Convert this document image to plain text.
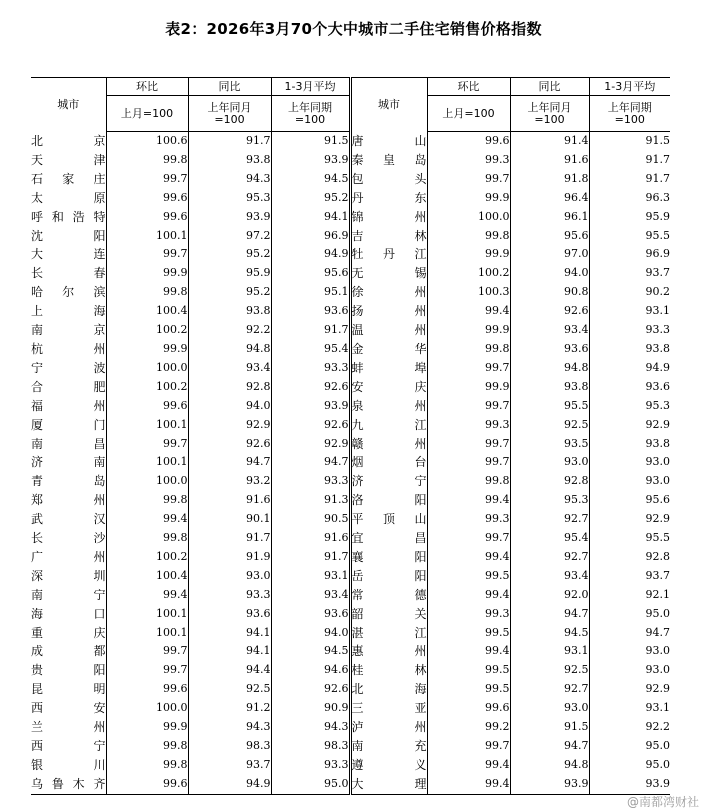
表2：2026年3月70个大中城市二手住宅销售价格指数
城市	环比	同比	1-3月平均	城市	环比	同比	1-3月平均
	上月=100	上年同月=100	上年同期=100		上月=100	上年同月=100	上年同期=100

北京	100.6	91.7	91.5	唐山	99.6	91.4	91.5
天津	99.8	93.8	93.9	秦皇岛	99.3	91.6	91.7
石家庄	99.7	94.3	94.5	包头	99.7	91.8	91.7
太原	99.6	95.3	95.2	丹东	99.9	96.4	96.3
呼和浩特	99.6	93.9	94.1	锦州	100.0	96.1	95.9
沈阳	100.1	97.2	96.9	吉林	99.8	95.6	95.5
大连	99.7	95.2	94.9	牡丹江	99.9	97.0	96.9
长春	99.9	95.9	95.6	无锡	100.2	94.0	93.7
哈尔滨	99.8	95.2	95.1	徐州	100.3	90.8	90.2
上海	100.4	93.8	93.6	扬州	99.4	92.6	93.1
南京	100.2	92.2	91.7	温州	99.9	93.4	93.3
杭州	99.9	94.8	95.4	金华	99.8	93.6	93.8
宁波	100.0	93.4	93.3	蚌埠	99.7	94.8	94.9
合肥	100.2	92.8	92.6	安庆	99.9	93.8	93.6
福州	99.6	94.0	93.9	泉州	99.7	95.5	95.3
厦门	100.1	92.9	92.6	九江	99.3	92.5	92.9
南昌	99.7	92.6	92.9	赣州	99.7	93.5	93.8
济南	100.1	94.7	94.7	烟台	99.7	93.0	93.0
青岛	100.0	93.2	93.3	济宁	99.8	92.8	93.0
郑州	99.8	91.6	91.3	洛阳	99.4	95.3	95.6
武汉	99.4	90.1	90.5	平顶山	99.3	92.7	92.9
长沙	99.8	91.7	91.6	宜昌	99.7	95.4	95.5
广州	100.2	91.9	91.7	襄阳	99.4	92.7	92.8
深圳	100.4	93.0	93.1	岳阳	99.5	93.4	93.7
南宁	99.4	93.3	93.4	常德	99.4	92.0	92.1
海口	100.1	93.6	93.6	韶关	99.3	94.7	95.0
重庆	100.1	94.1	94.0	湛江	99.5	94.5	94.7
成都	99.7	94.1	94.5	惠州	99.4	93.1	93.0
贵阳	99.7	94.4	94.6	桂林	99.5	92.5	93.0
昆明	99.6	92.5	92.6	北海	99.5	92.7	92.9
西安	100.0	91.2	90.9	三亚	99.6	93.0	93.1
兰州	99.9	94.3	94.3	泸州	99.2	91.5	92.2
西宁	99.8	98.3	98.3	南充	99.7	94.7	95.0
银川	99.8	93.7	93.3	遵义	99.4	94.8	95.0
乌鲁木齐	99.6	94.9	95.0	大理	99.4	93.9	93.9
@南都湾财社
